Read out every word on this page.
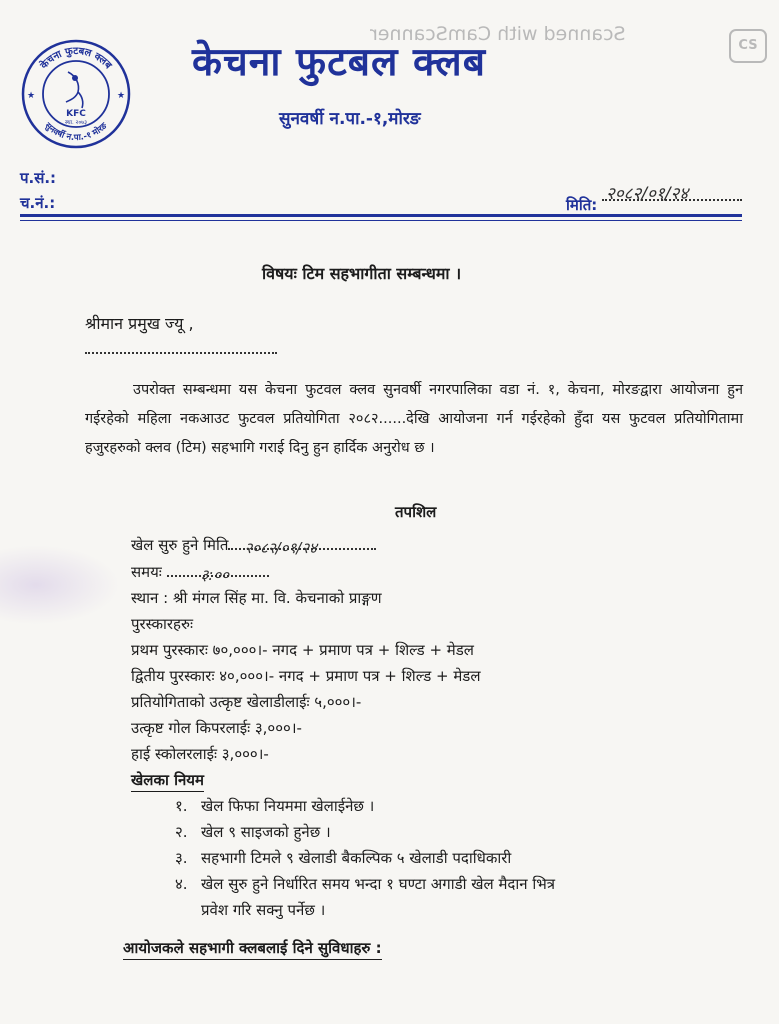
केचना फुटबल क्लब
सुनवर्षी न.पा.-१ मोरङ
★	★
KFC
स्था. २०७३
केचना फुटबल क्लब
सुनवर्षी न.पा.-१,मोरङ
Scanned with CamScanner
CS
प.सं.:
च.नं.:	मिति:
२०८२/०१/२४
विषयः टिम सहभागीता सम्बन्धमा ।
श्रीमान प्रमुख ज्यू ,
उपरोक्त सम्बन्धमा यस केचना फुटवल क्लव सुनवर्षी नगरपालिका वडा नं. १, केचना, मोरङद्वारा आयोजना हुन गईरहेको महिला नकआउट फुटवल प्रतियोगिता २०८२......देखि आयोजना गर्न गईरहेको हुँदा यस फुटवल प्रतियोगितामा हजुरहरुको क्लव (टिम) सहभागि गराई दिनु हुन हार्दिक अनुरोध छ ।
तपशिल
खेल सुरु हुने मिति २०८२/०१/२४
समयः	३:००
स्थान : श्री मंगल सिंह मा. वि. केचनाको प्राङ्गण
पुरस्कारहरुः
प्रथम पुरस्कारः ७०,०००।- नगद + प्रमाण पत्र + शिल्ड + मेडल
द्वितीय पुरस्कारः ४०,०००।- नगद + प्रमाण पत्र + शिल्ड + मेडल
प्रतियोगिताको उत्कृष्ट खेलाडीलाईः ५,०००।-
उत्कृष्ट गोल किपरलाईः ३,०००।-
हाई स्कोलरलाईः ३,०००।-
खेलका नियम
१. खेल फिफा नियममा खेलाईनेछ ।
२. खेल ९ साइजको हुनेछ ।
३. सहभागी टिमले ९ खेलाडी बैकल्पिक ५ खेलाडी पदाधिकारी
४. खेल सुरु हुने निर्धारित समय भन्दा १ घण्टा अगाडी खेल मैदान भित्र
प्रवेश गरि सक्नु पर्नेछ ।
आयोजकले सहभागी क्लबलाई दिने सुविधाहरु :
